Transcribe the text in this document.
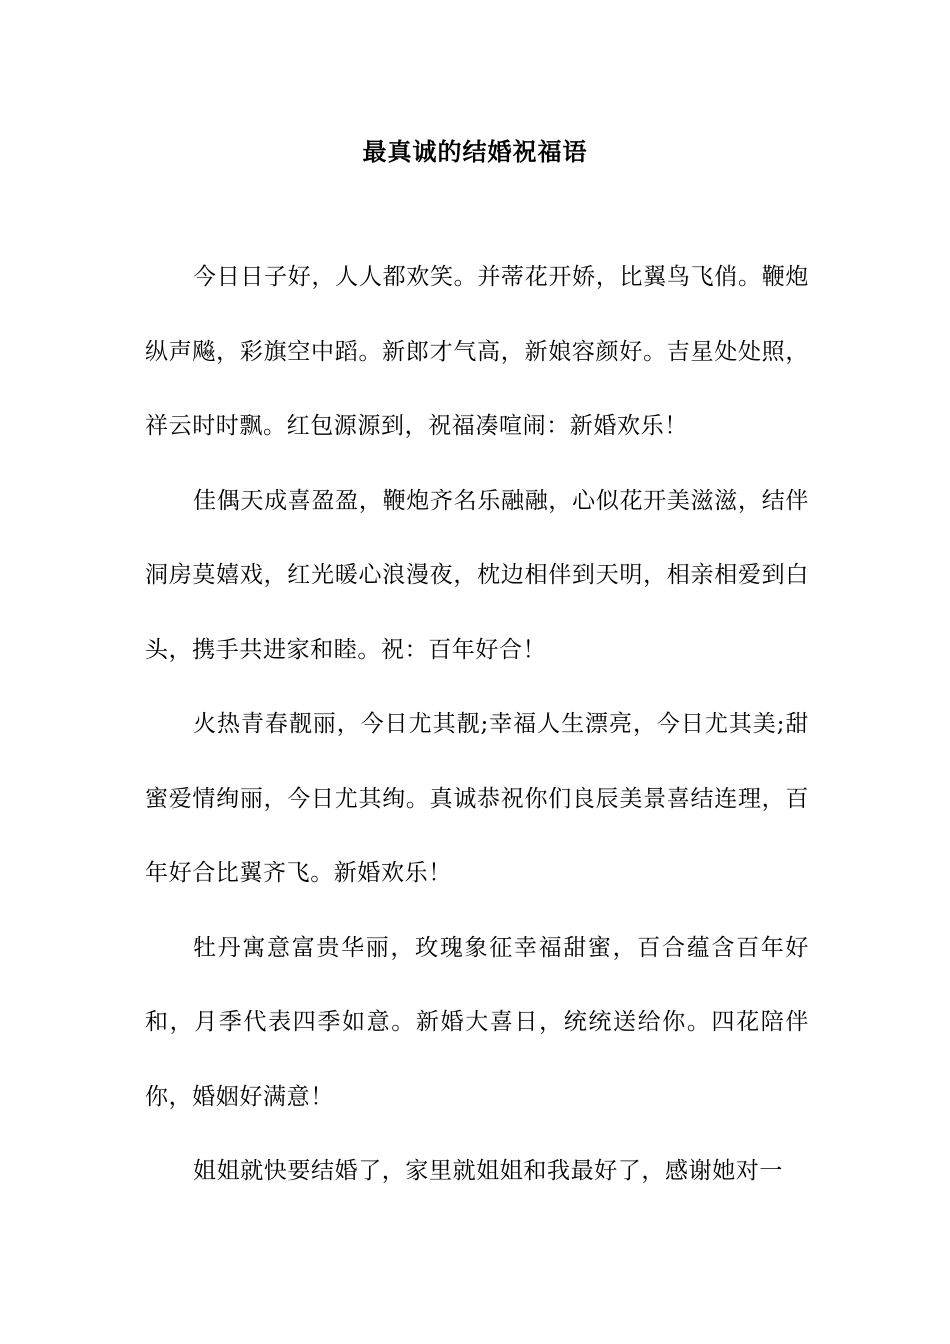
最真诚的结婚祝福语

今日日子好，人人都欢笑。并蒂花开娇，比翼鸟飞俏。鞭炮纵声飚，彩旗空中蹈。新郎才气高，新娘容颜好。吉星处处照，祥云时时飘。红包源源到，祝福凑喧闹：新婚欢乐！

佳偶天成喜盈盈，鞭炮齐名乐融融，心似花开美滋滋，结伴洞房莫嬉戏，红光暖心浪漫夜，枕边相伴到天明，相亲相爱到白头，携手共进家和睦。祝：百年好合！

火热青春靓丽，今日尤其靓;幸福人生漂亮，今日尤其美;甜蜜爱情绚丽，今日尤其绚。真诚恭祝你们良辰美景喜结连理，百年好合比翼齐飞。新婚欢乐！

牡丹寓意富贵华丽，玫瑰象征幸福甜蜜，百合蕴含百年好和，月季代表四季如意。新婚大喜日，统统送给你。四花陪伴你，婚姻好满意！

姐姐就快要结婚了，家里就姐姐和我最好了，感谢她对一
